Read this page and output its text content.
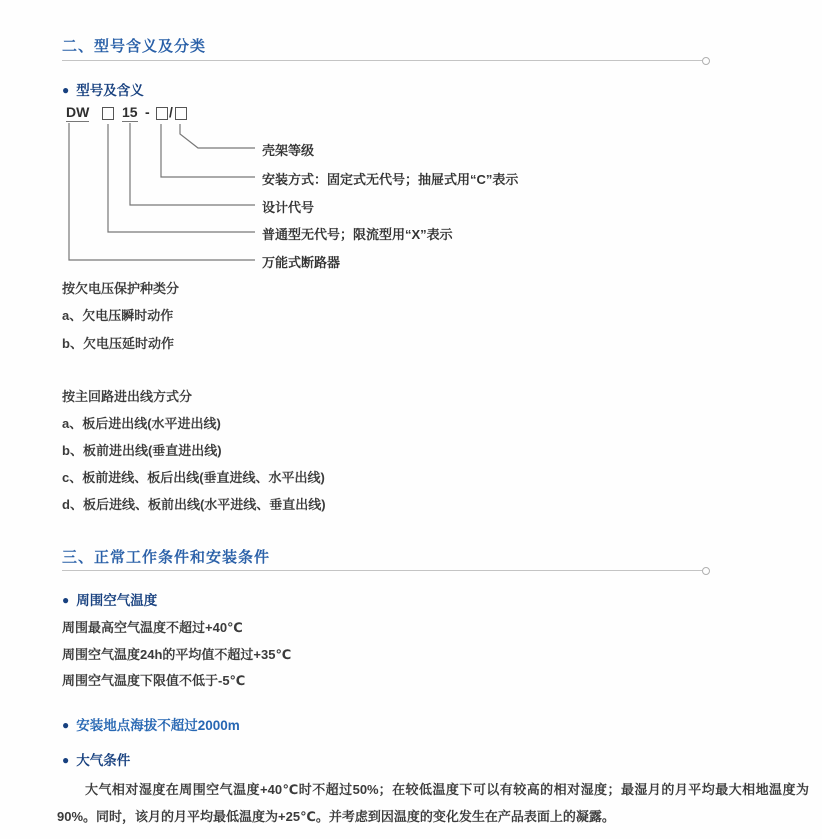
二、型号含义及分类
● 型号及含义
DW 15 - /
壳架等级
安装方式：固定式无代号；抽屉式用“C”表示
设计代号
普通型无代号；限流型用“X”表示
万能式断路器
按欠电压保护种类分
a、欠电压瞬时动作
b、欠电压延时动作
按主回路进出线方式分
a、板后进出线(水平进出线)
b、板前进出线(垂直进出线)
c、板前进线、板后出线(垂直进线、水平出线)
d、板后进线、板前出线(水平进线、垂直出线)
三、正常工作条件和安装条件
● 周围空气温度
周围最高空气温度不超过+40℃
周围空气温度24h的平均值不超过+35℃
周围空气温度下限值不低于-5℃
● 安装地点海拔不超过2000m
● 大气条件
大气相对湿度在周围空气温度+40℃时不超过50%；在较低温度下可以有较高的相对湿度；最湿月的月平均最大相地温度为90%。同时，该月的月平均最低温度为+25℃。并考虑到因温度的变化发生在产品表面上的凝露。
